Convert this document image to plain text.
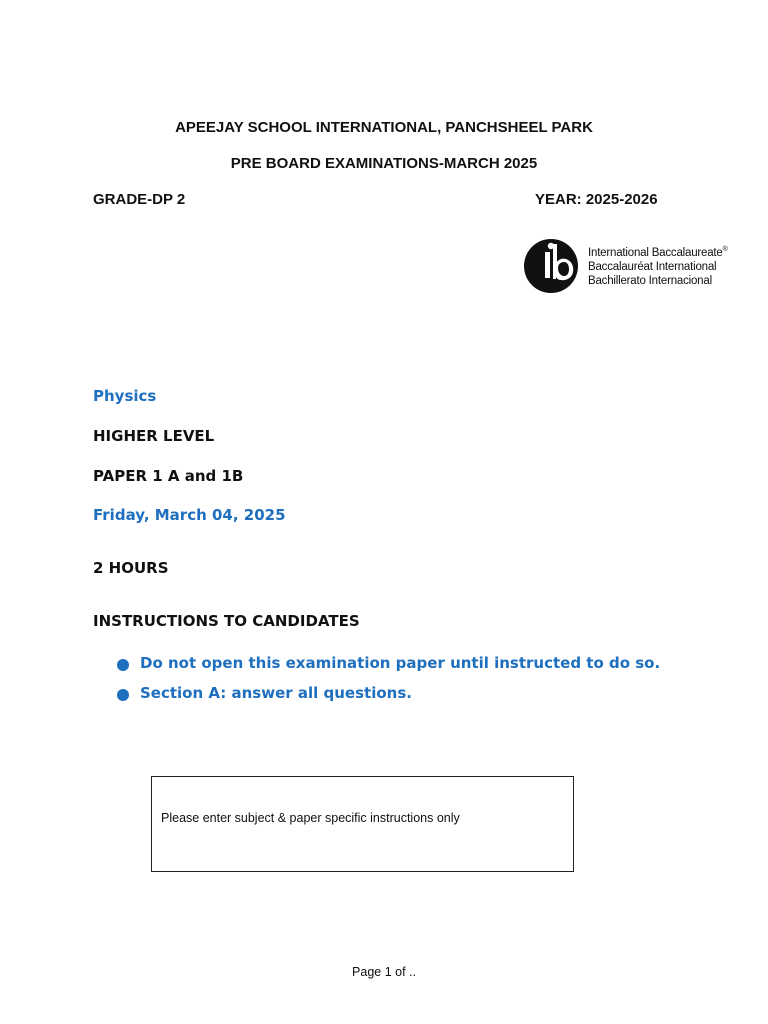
APEEJAY SCHOOL INTERNATIONAL, PANCHSHEEL PARK
PRE BOARD EXAMINATIONS-MARCH 2025
GRADE-DP 2	YEAR: 2025-2026
International Baccalaureate®
Baccalauréat International
Bachillerato Internacional
Physics
HIGHER LEVEL
PAPER 1 A and 1B
Friday, March 04, 2025
2 HOURS
INSTRUCTIONS TO CANDIDATES
Do not open this examination paper until instructed to do so.
Section A: answer all questions.
Please enter subject & paper specific instructions only
Page 1 of ..
